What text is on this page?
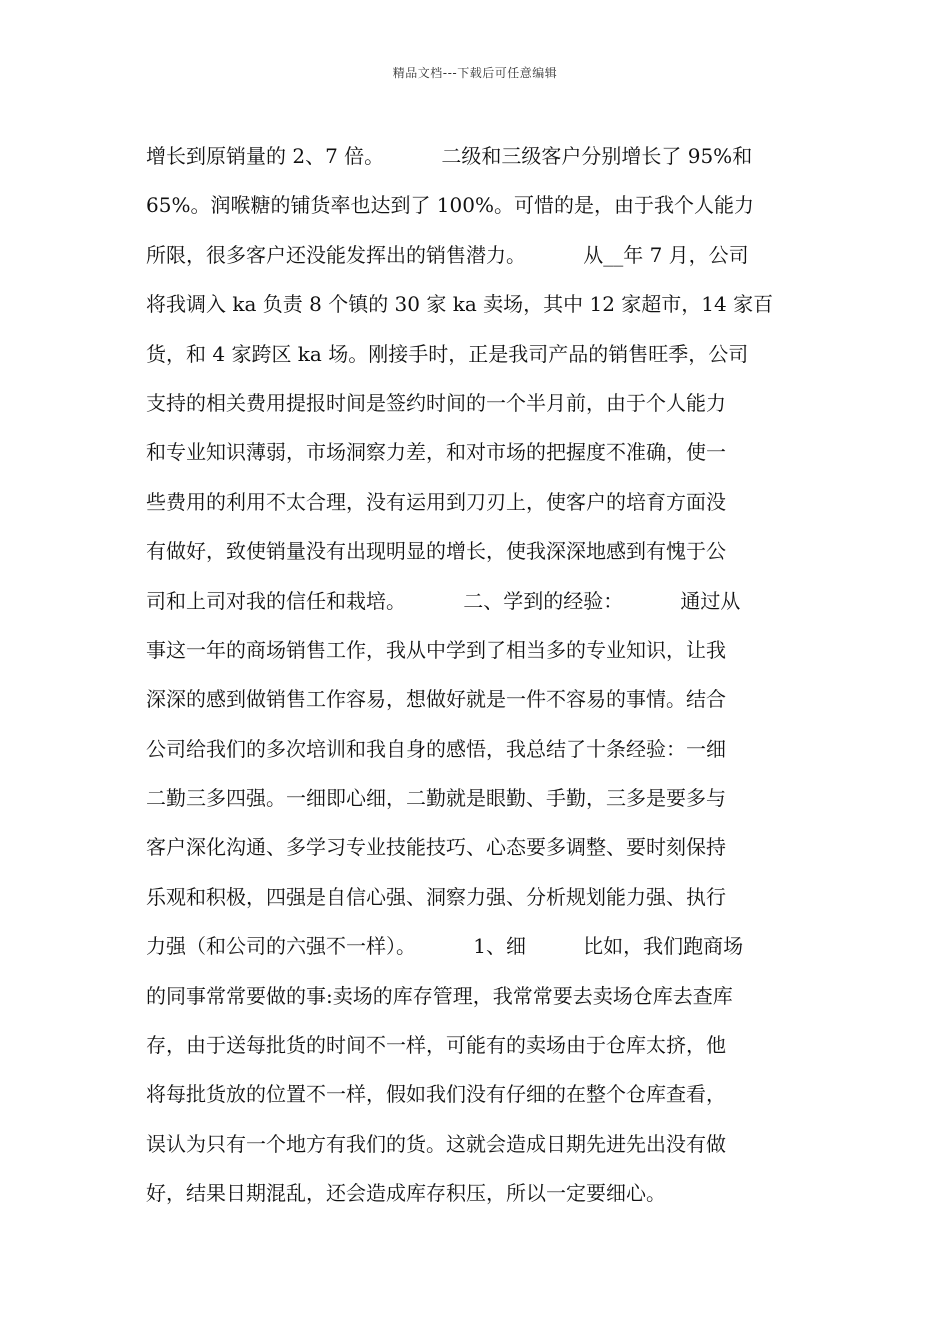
精品文档---下载后可任意编辑
增长到原销量的 2、7 倍。         二级和三级客户分别增长了 95%和
65%。润喉糖的铺货率也达到了 100%。可惜的是，由于我个人能力
所限，很多客户还没能发挥出的销售潜力。         从__年 7 月，公司
将我调入 ka 负责 8 个镇的 30 家 ka 卖场，其中 12 家超市，14 家百
货，和 4 家跨区 ka 场。刚接手时，正是我司产品的销售旺季，公司
支持的相关费用提报时间是签约时间的一个半月前，由于个人能力
和专业知识薄弱，市场洞察力差，和对市场的把握度不准确，使一
些费用的利用不太合理，没有运用到刀刃上，使客户的培育方面没
有做好，致使销量没有出现明显的增长，使我深深地感到有愧于公
司和上司对我的信任和栽培。         二、学到的经验：         通过从
事这一年的商场销售工作，我从中学到了相当多的专业知识，让我
深深的感到做销售工作容易，想做好就是一件不容易的事情。结合
公司给我们的多次培训和我自身的感悟，我总结了十条经验：一细
二勤三多四强。一细即心细，二勤就是眼勤、手勤，三多是要多与
客户深化沟通、多学习专业技能技巧、心态要多调整、要时刻保持
乐观和积极，四强是自信心强、洞察力强、分析规划能力强、执行
力强（和公司的六强不一样）。         1、细         比如，我们跑商场
的同事常常要做的事:卖场的库存管理，我常常要去卖场仓库去查库
存，由于送每批货的时间不一样，可能有的卖场由于仓库太挤，他
将每批货放的位置不一样，假如我们没有仔细的在整个仓库查看，
误认为只有一个地方有我们的货。这就会造成日期先进先出没有做
好，结果日期混乱，还会造成库存积压，所以一定要细心。
